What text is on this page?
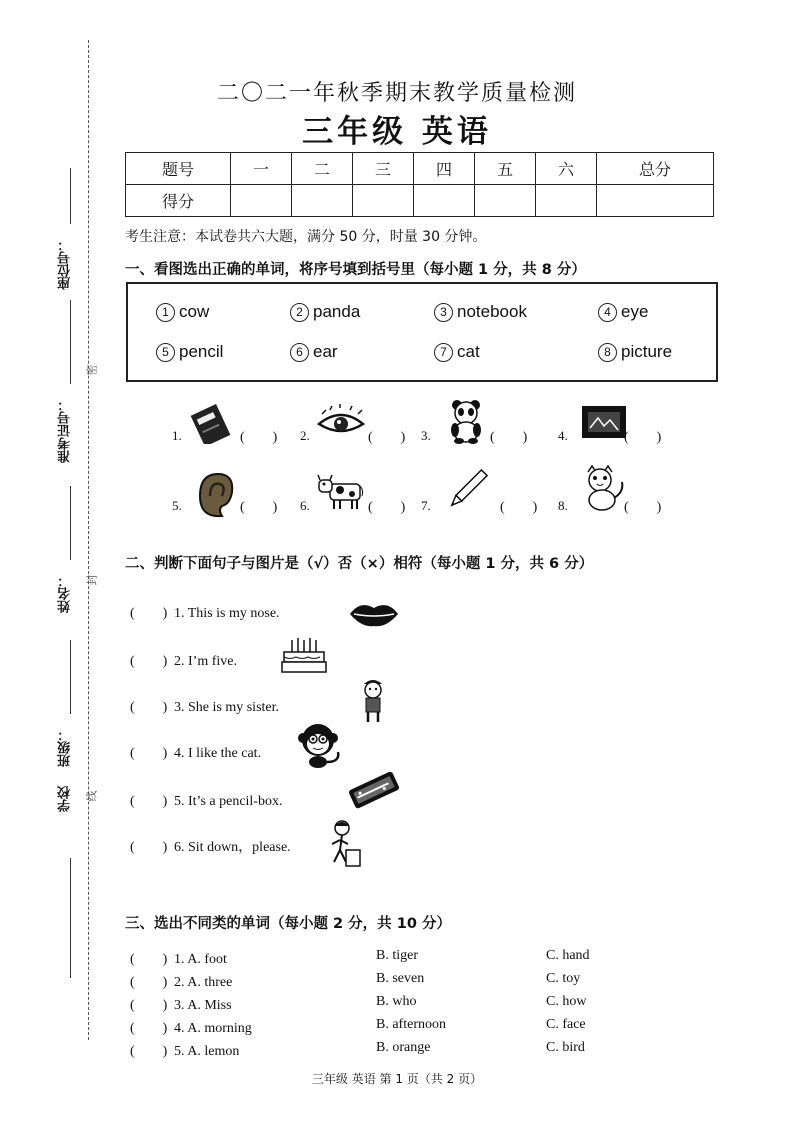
座位号：
准考证号：
姓名：
班级：
学校
密
封
线
二〇二一年秋季期末教学质量检测
三年级 英语
题号	一	二	三	四	五	六	总分
得分							
考生注意：本试卷共六大题，满分 50 分，时量 30 分钟。
一、看图选出正确的单词，将序号填到括号里（每小题 1 分，共 8 分）
1 cow	2 panda	3 notebook	4 eye
5 pencil	6 ear	7 cat	8 picture
1.	(　　) 2.	(　　) 3.	(　　) 4.	(　　)
5.	(　　) 6.	(　　) 7.	(　　) 8.	(　　)
二、判断下面句子与图片是（√）否（×）相符（每小题 1 分，共 6 分）
(　　) 1. This is my nose.
(　　) 2. I’m five.
(　　) 3. She is my sister.
(　　) 4. I like the cat.
(　　) 5. It’s a pencil-box.
(　　) 6. Sit down，please.
三、选出不同类的单词（每小题 2 分，共 10 分）
(　　) 1. A. foot	B. tiger	C. hand
(　　) 2. A. three	B. seven	C. toy
(　　) 3. A. Miss	B. who	C. how
(　　) 4. A. morning	B. afternoon	C. face
(　　) 5. A. lemon	B. orange	C. bird
三年级 英语 第 1 页（共 2 页）
